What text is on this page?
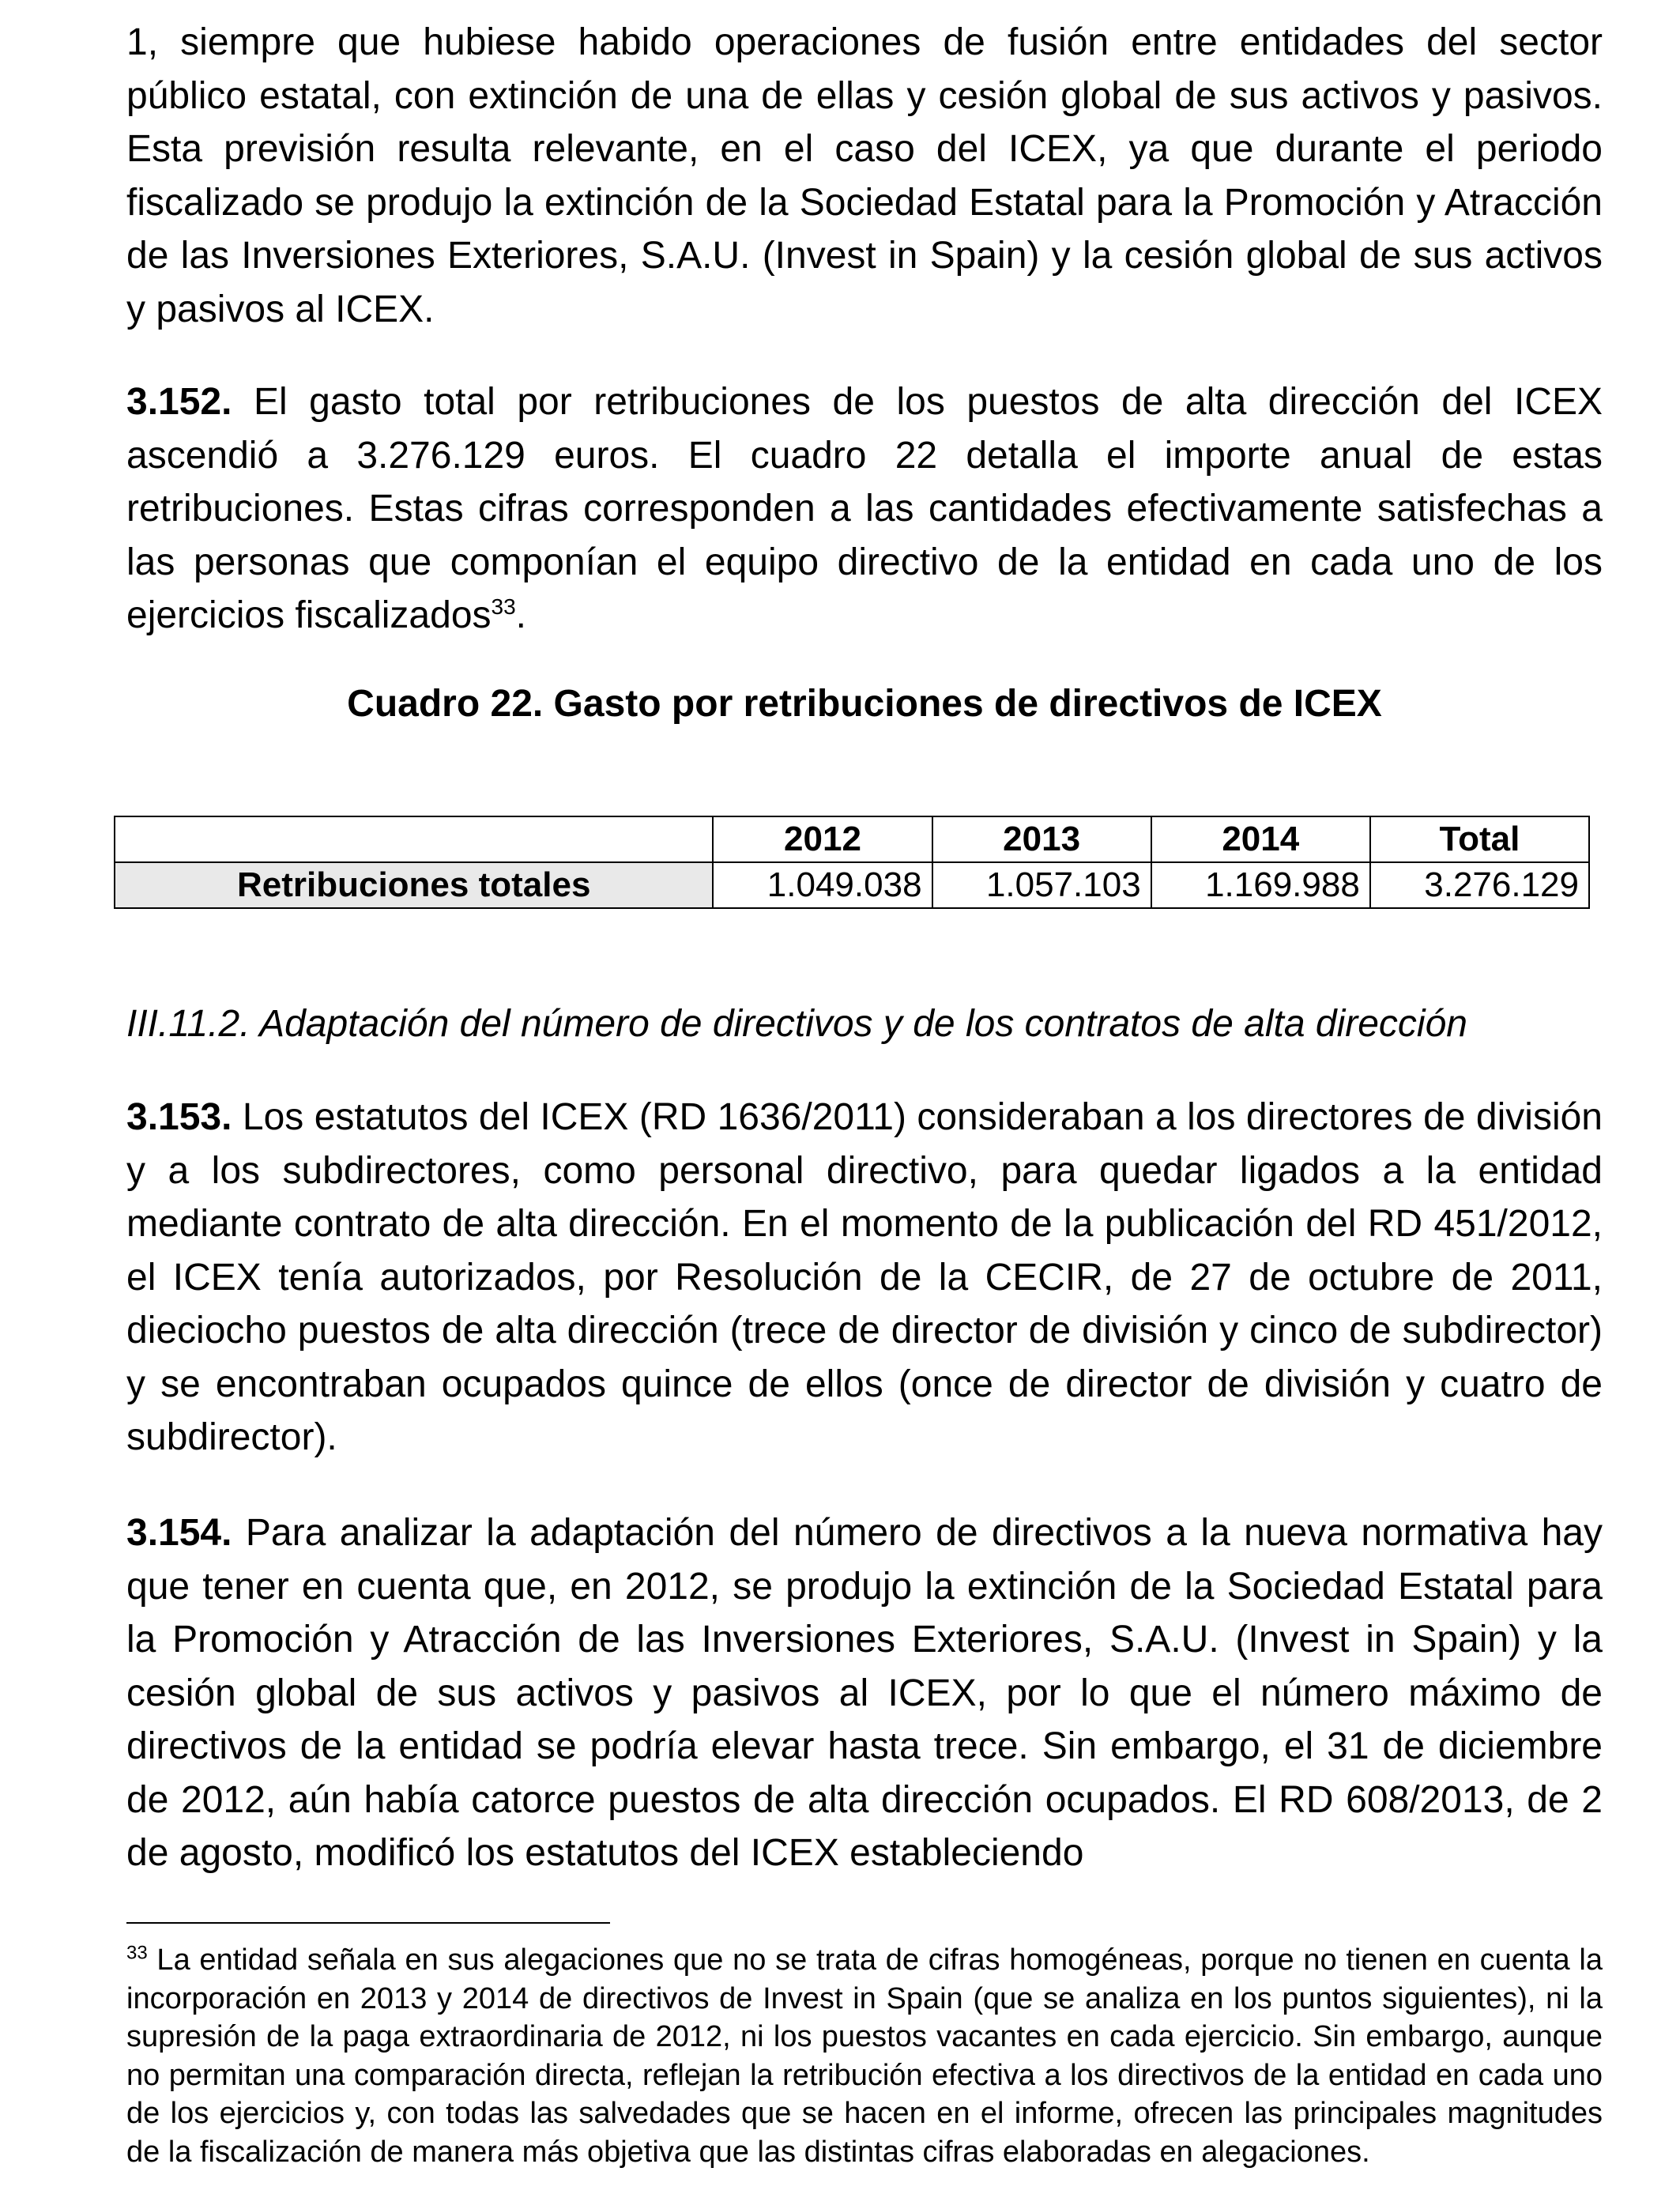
1, siempre que hubiese habido operaciones de fusión entre entidades del sector público estatal, con extinción de una de ellas y cesión global de sus activos y pasivos. Esta previsión resulta relevante, en el caso del ICEX, ya que durante el periodo fiscalizado se produjo la extinción de la Sociedad Estatal para la Promoción y Atracción de las Inversiones Exteriores, S.A.U. (Invest in Spain) y la cesión global de sus activos y pasivos al ICEX.

3.152. El gasto total por retribuciones de los puestos de alta dirección del ICEX ascendió a 3.276.129 euros. El cuadro 22 detalla el importe anual de estas retribuciones. Estas cifras corresponden a las cantidades efectivamente satisfechas a las personas que componían el equipo directivo de la entidad en cada uno de los ejercicios fiscalizados$^{33}$.

Cuadro 22. Gasto por retribuciones de directivos de ICEX

	2012	2013	2014	Total
Retribuciones totales	1.049.038	1.057.103	1.169.988	3.276.129

III.11.2. Adaptación del número de directivos y de los contratos de alta dirección

3.153. Los estatutos del ICEX (RD 1636/2011) consideraban a los directores de división y a los subdirectores, como personal directivo, para quedar ligados a la entidad mediante contrato de alta dirección. En el momento de la publicación del RD 451/2012, el ICEX tenía autorizados, por Resolución de la CECIR, de 27 de octubre de 2011, dieciocho puestos de alta dirección (trece de director de división y cinco de subdirector) y se encontraban ocupados quince de ellos (once de director de división y cuatro de subdirector).

3.154. Para analizar la adaptación del número de directivos a la nueva normativa hay que tener en cuenta que, en 2012, se produjo la extinción de la Sociedad Estatal para la Promoción y Atracción de las Inversiones Exteriores, S.A.U. (Invest in Spain) y la cesión global de sus activos y pasivos al ICEX, por lo que el número máximo de directivos de la entidad se podría elevar hasta trece. Sin embargo, el 31 de diciembre de 2012, aún había catorce puestos de alta dirección ocupados. El RD 608/2013, de 2 de agosto, modificó los estatutos del ICEX estableciendo

$^{33}$ La entidad señala en sus alegaciones que no se trata de cifras homogéneas, porque no tienen en cuenta la incorporación en 2013 y 2014 de directivos de Invest in Spain (que se analiza en los puntos siguientes), ni la supresión de la paga extraordinaria de 2012, ni los puestos vacantes en cada ejercicio. Sin embargo, aunque no permitan una comparación directa, reflejan la retribución efectiva a los directivos de la entidad en cada uno de los ejercicios y, con todas las salvedades que se hacen en el informe, ofrecen las principales magnitudes de la fiscalización de manera más objetiva que las distintas cifras elaboradas en alegaciones.
